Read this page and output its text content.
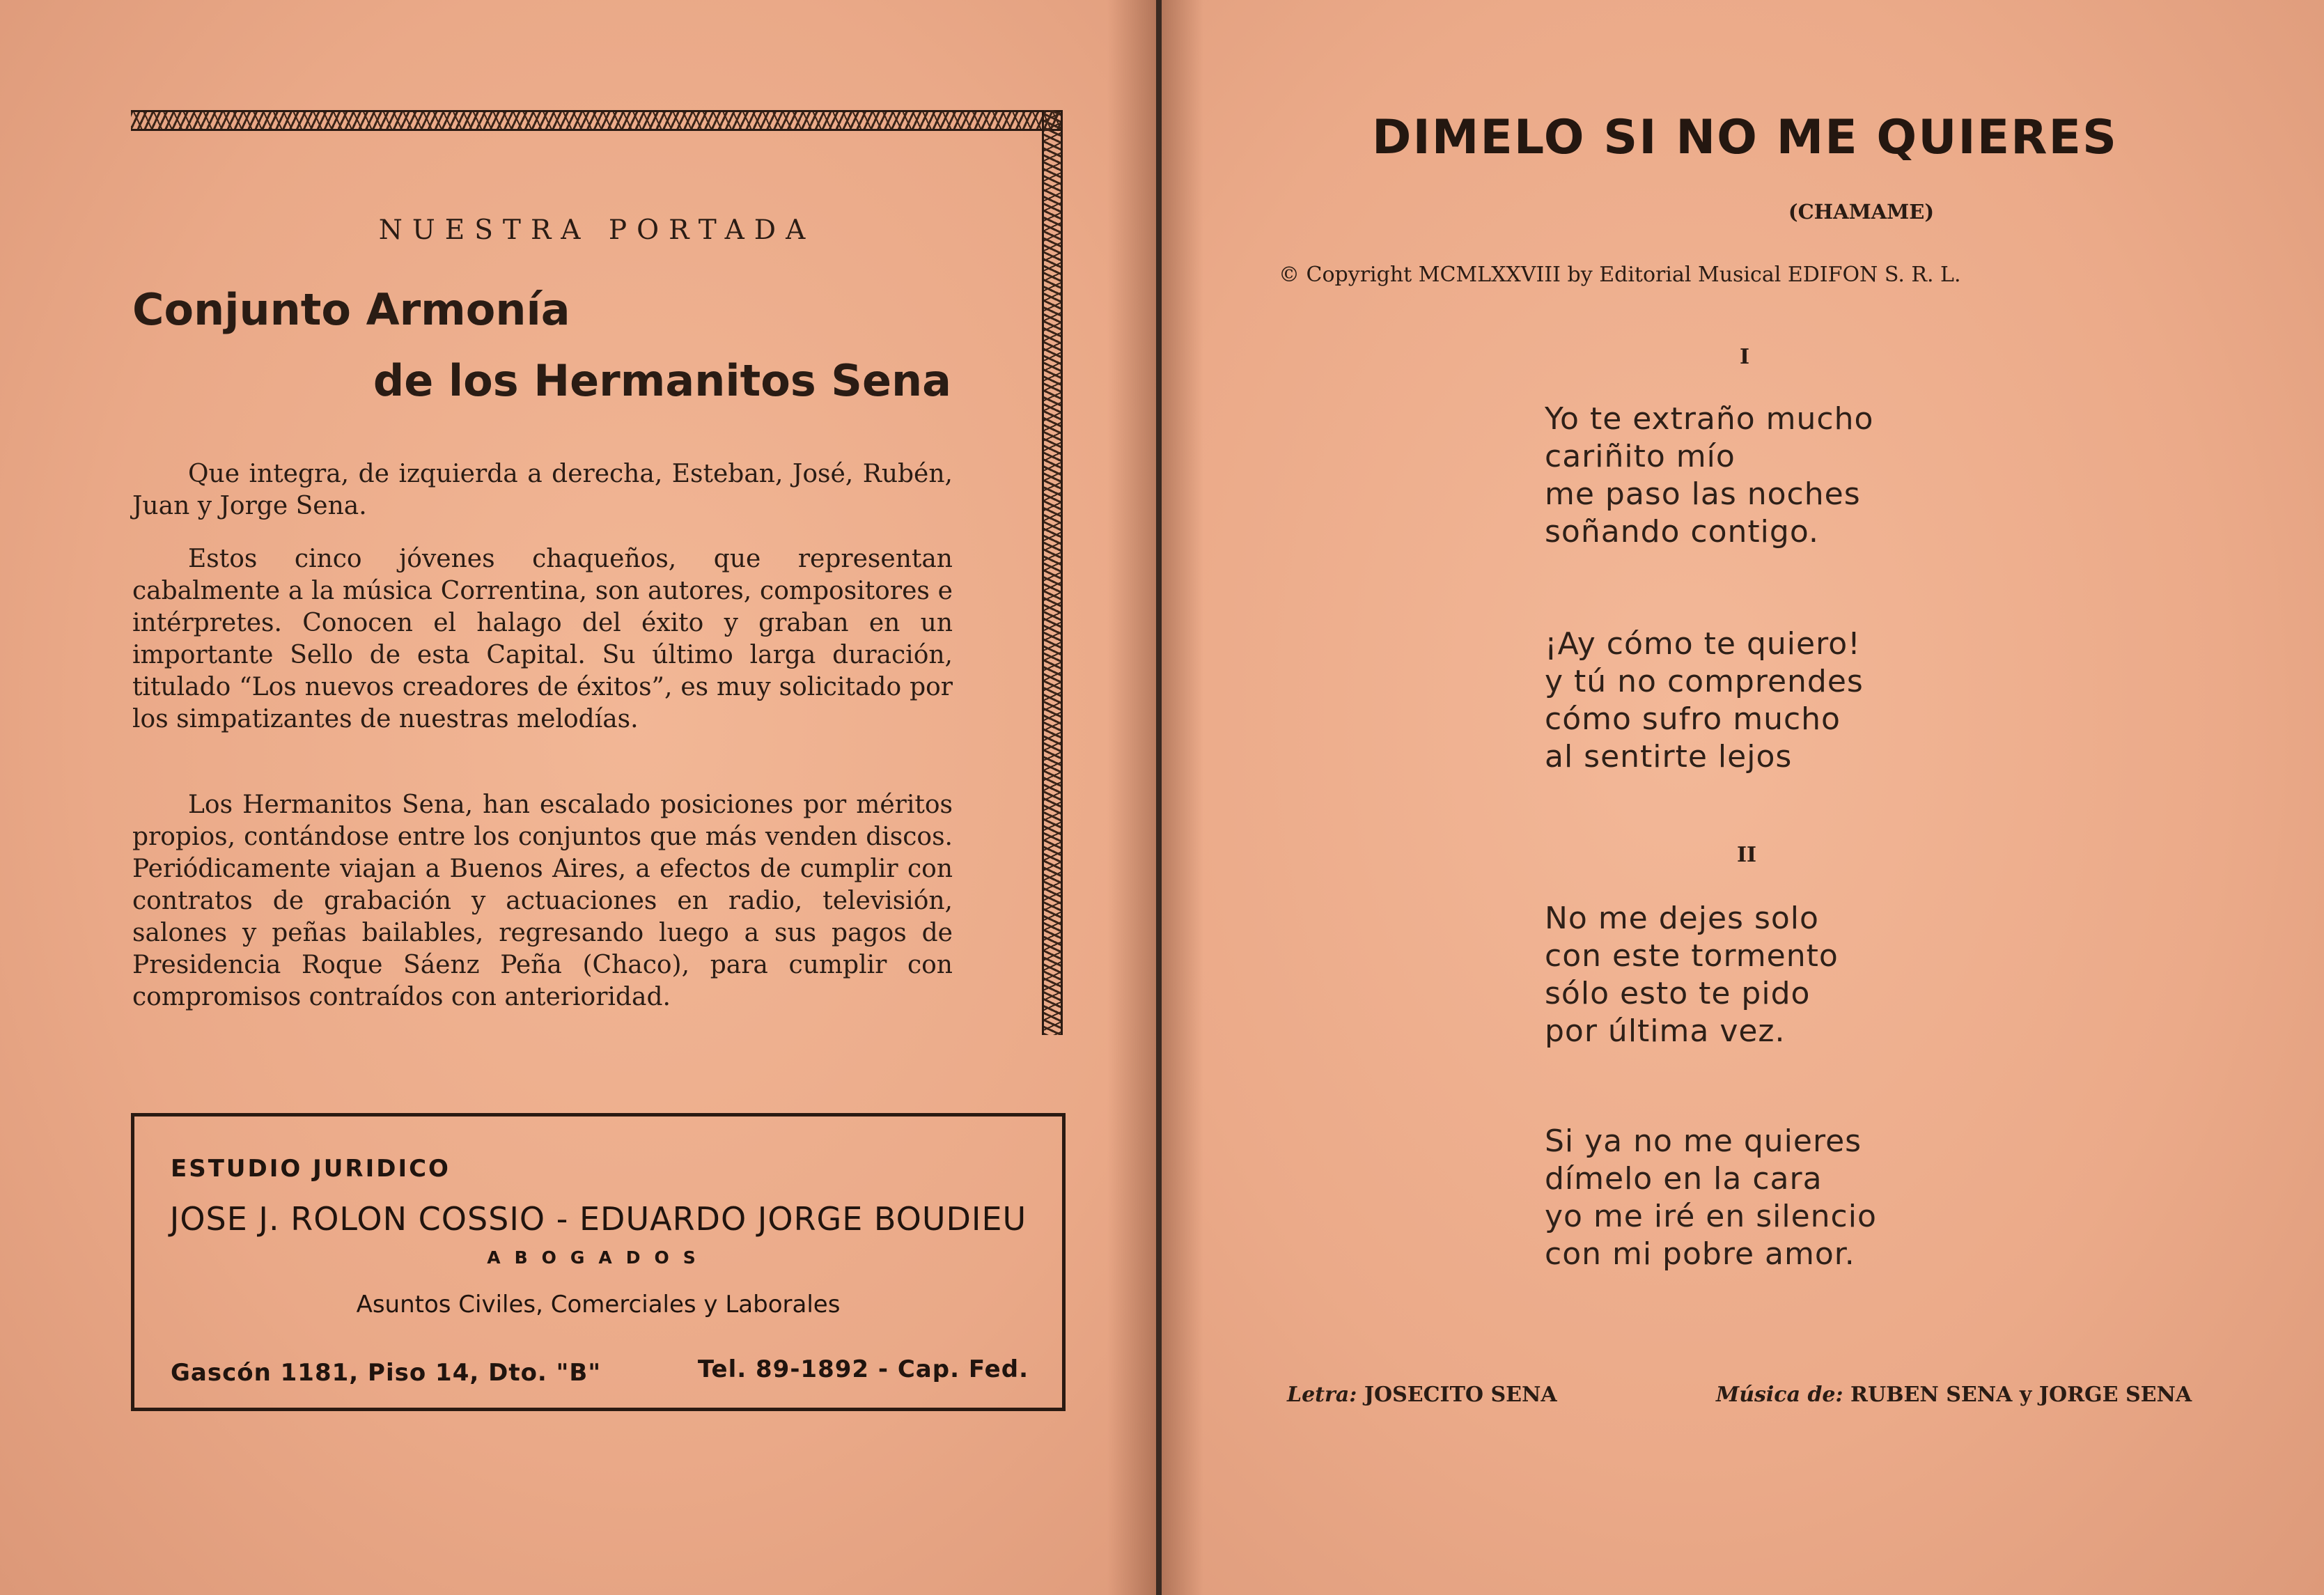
NUESTRA PORTADA
Conjunto Armonía
de los Hermanitos Sena
Que integra, de izquierda a derecha, Esteban, José, Rubén, Juan y Jorge Sena.
Estos cinco jóvenes chaqueños, que representan cabalmente a la música Correntina, son autores, compositores e intérpretes. Conocen el halago del éxito y graban en un importante Sello de esta Capital. Su último larga duración, titulado “Los nuevos creadores de éxitos”, es muy solicitado por los simpatizantes de nuestras melodías.
Los Hermanitos Sena, han escalado posiciones por méritos propios, contándose entre los conjuntos que más venden discos. Periódicamente viajan a Buenos Aires, a efectos de cumplir con contratos de grabación y actuaciones en radio, televisión, salones y peñas bailables, regresando luego a sus pagos de Presidencia Roque Sáenz Peña (Chaco), para cumplir con compromisos contraídos con anterioridad.
ESTUDIO JURIDICO
JOSE J. ROLON COSSIO - EDUARDO JORGE BOUDIEU
ABOGADOS
Asuntos Civiles, Comerciales y Laborales
Gascón 1181, Piso 14, Dto. "B"	Tel. 89-1892 - Cap. Fed.
DIMELO SI NO ME QUIERES
(CHAMAME)
© Copyright MCMLXXVIII by Editorial Musical EDIFON S. R. L.
I
Yo te extraño mucho
cariñito mío
me paso las noches
soñando contigo.
¡Ay cómo te quiero!
y tú no comprendes
cómo sufro mucho
al sentirte lejos
II
No me dejes solo
con este tormento
sólo esto te pido
por última vez.
Si ya no me quieres
dímelo en la cara
yo me iré en silencio
con mi pobre amor.
Letra: JOSECITO SENA	Música de: RUBEN SENA y JORGE SENA
